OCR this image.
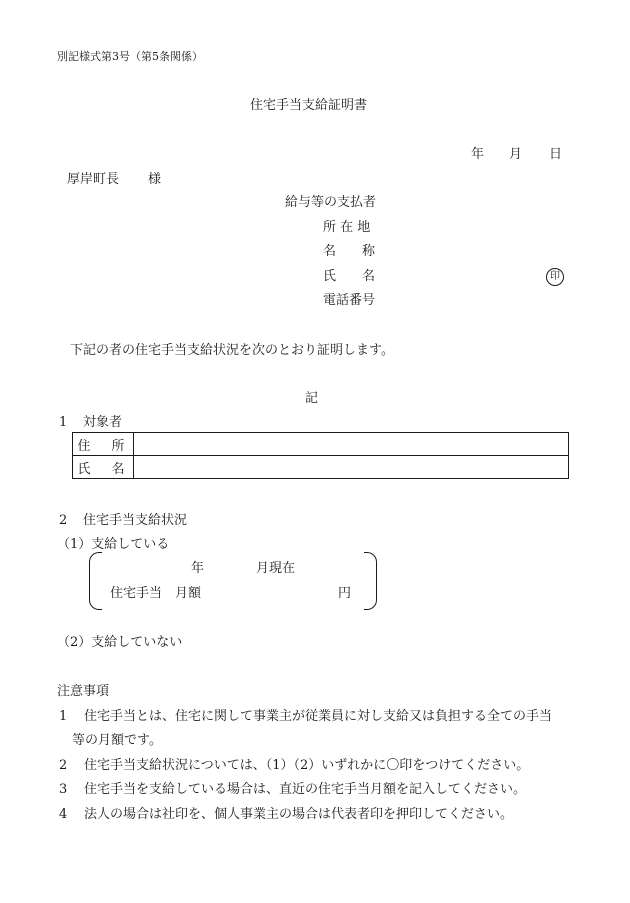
別記様式第3号（第5条関係）
住宅手当支給証明書
年 月 日
厚岸町長 様
給与等の支払者
所 在 地
名　　称
氏　　名	印
電話番号
下記の者の住宅手当支給状況を次のとおり証明します。
記
1 対象者
住　所	
氏　名	
2 住宅手当支給状況
（1）支給している
年	月現在
住宅手当　月額	円
（2）支給していない
注意事項
1 住宅手当とは、住宅に関して事業主が従業員に対し支給又は負担する全ての手当
等の月額です。
2 住宅手当支給状況については、（1）（2）いずれかに〇印をつけてください。
3 住宅手当を支給している場合は、直近の住宅手当月額を記入してください。
4 法人の場合は社印を、個人事業主の場合は代表者印を押印してください。
